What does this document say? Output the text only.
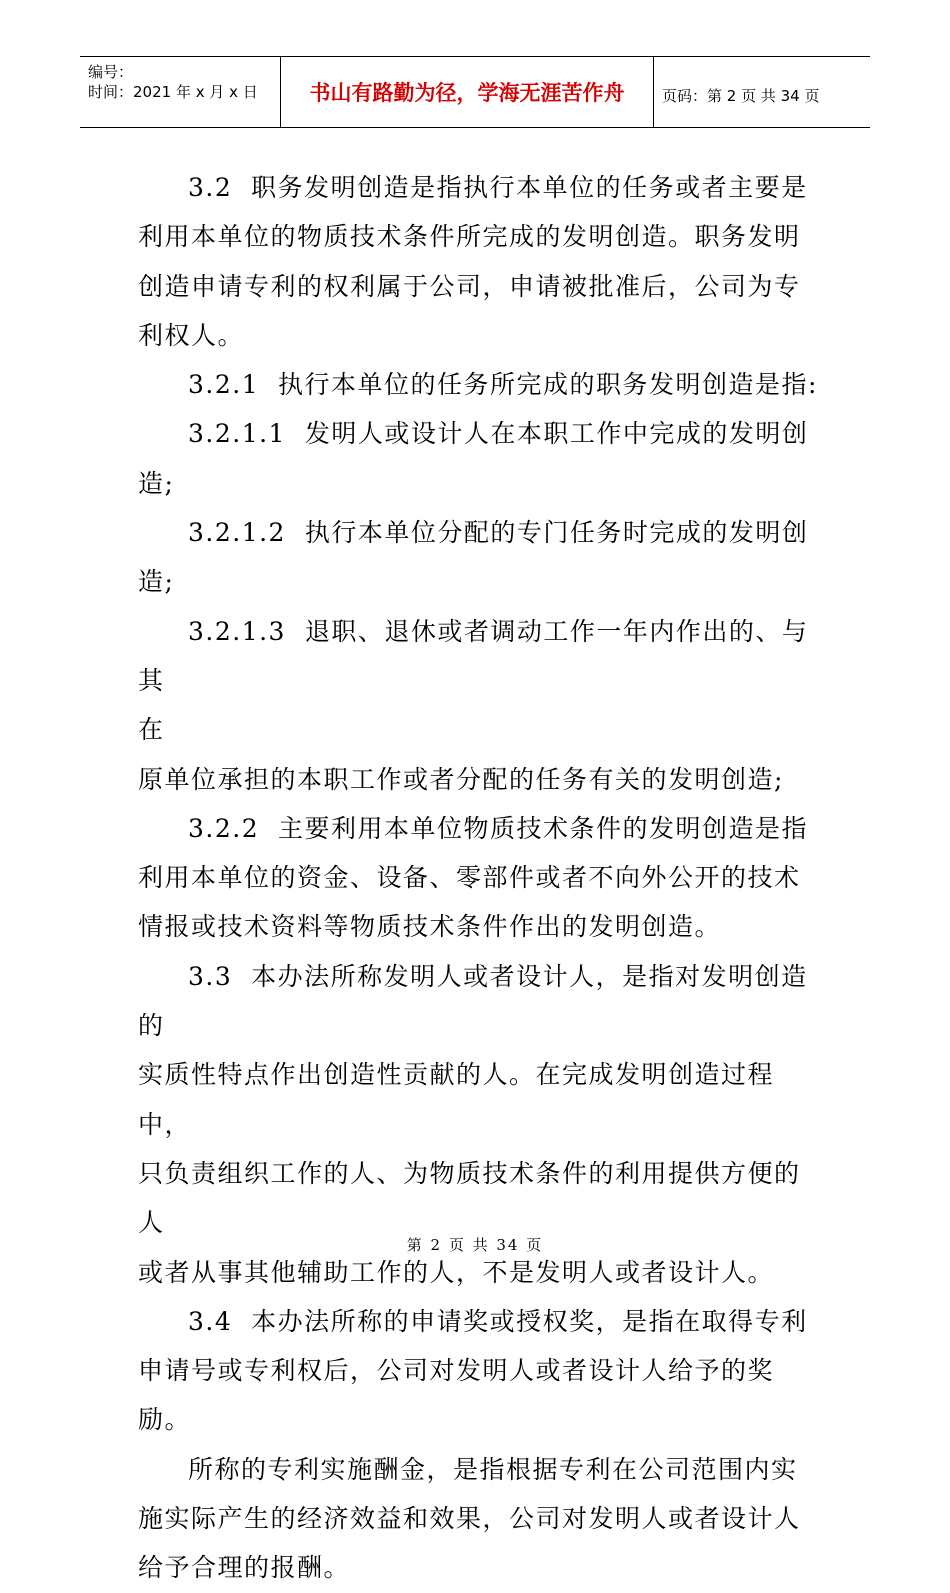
编号：
时间：2021 年 x 月 x 日	书山有路勤为径，学海无涯苦作舟	页码：第 2 页 共 34 页

3.2  职务发明创造是指执行本单位的任务或者主要是利用本单位的物质技术条件所完成的发明创造。职务发明创造申请专利的权利属于公司，申请被批准后，公司为专利权人。

3.2.1  执行本单位的任务所完成的职务发明创造是指:

3.2.1.1  发明人或设计人在本职工作中完成的发明创造;

3.2.1.2  执行本单位分配的专门任务时完成的发明创造;

3.2.1.3  退职、退休或者调动工作一年内作出的、与其

在

原单位承担的本职工作或者分配的任务有关的发明创造;

3.2.2  主要利用本单位物质技术条件的发明创造是指利用本单位的资金、设备、零部件或者不向外公开的技术情报或技术资料等物质技术条件作出的发明创造。

3.3  本办法所称发明人或者设计人，是指对发明创造的

实质性特点作出创造性贡献的人。在完成发明创造过程中，

只负责组织工作的人、为物质技术条件的利用提供方便的人

或者从事其他辅助工作的人，不是发明人或者设计人。

3.4  本办法所称的申请奖或授权奖，是指在取得专利申请号或专利权后，公司对发明人或者设计人给予的奖励。

所称的专利实施酬金，是指根据专利在公司范围内实施实际产生的经济效益和效果，公司对发明人或者设计人给予合理的报酬。

第 2 页 共 34 页
